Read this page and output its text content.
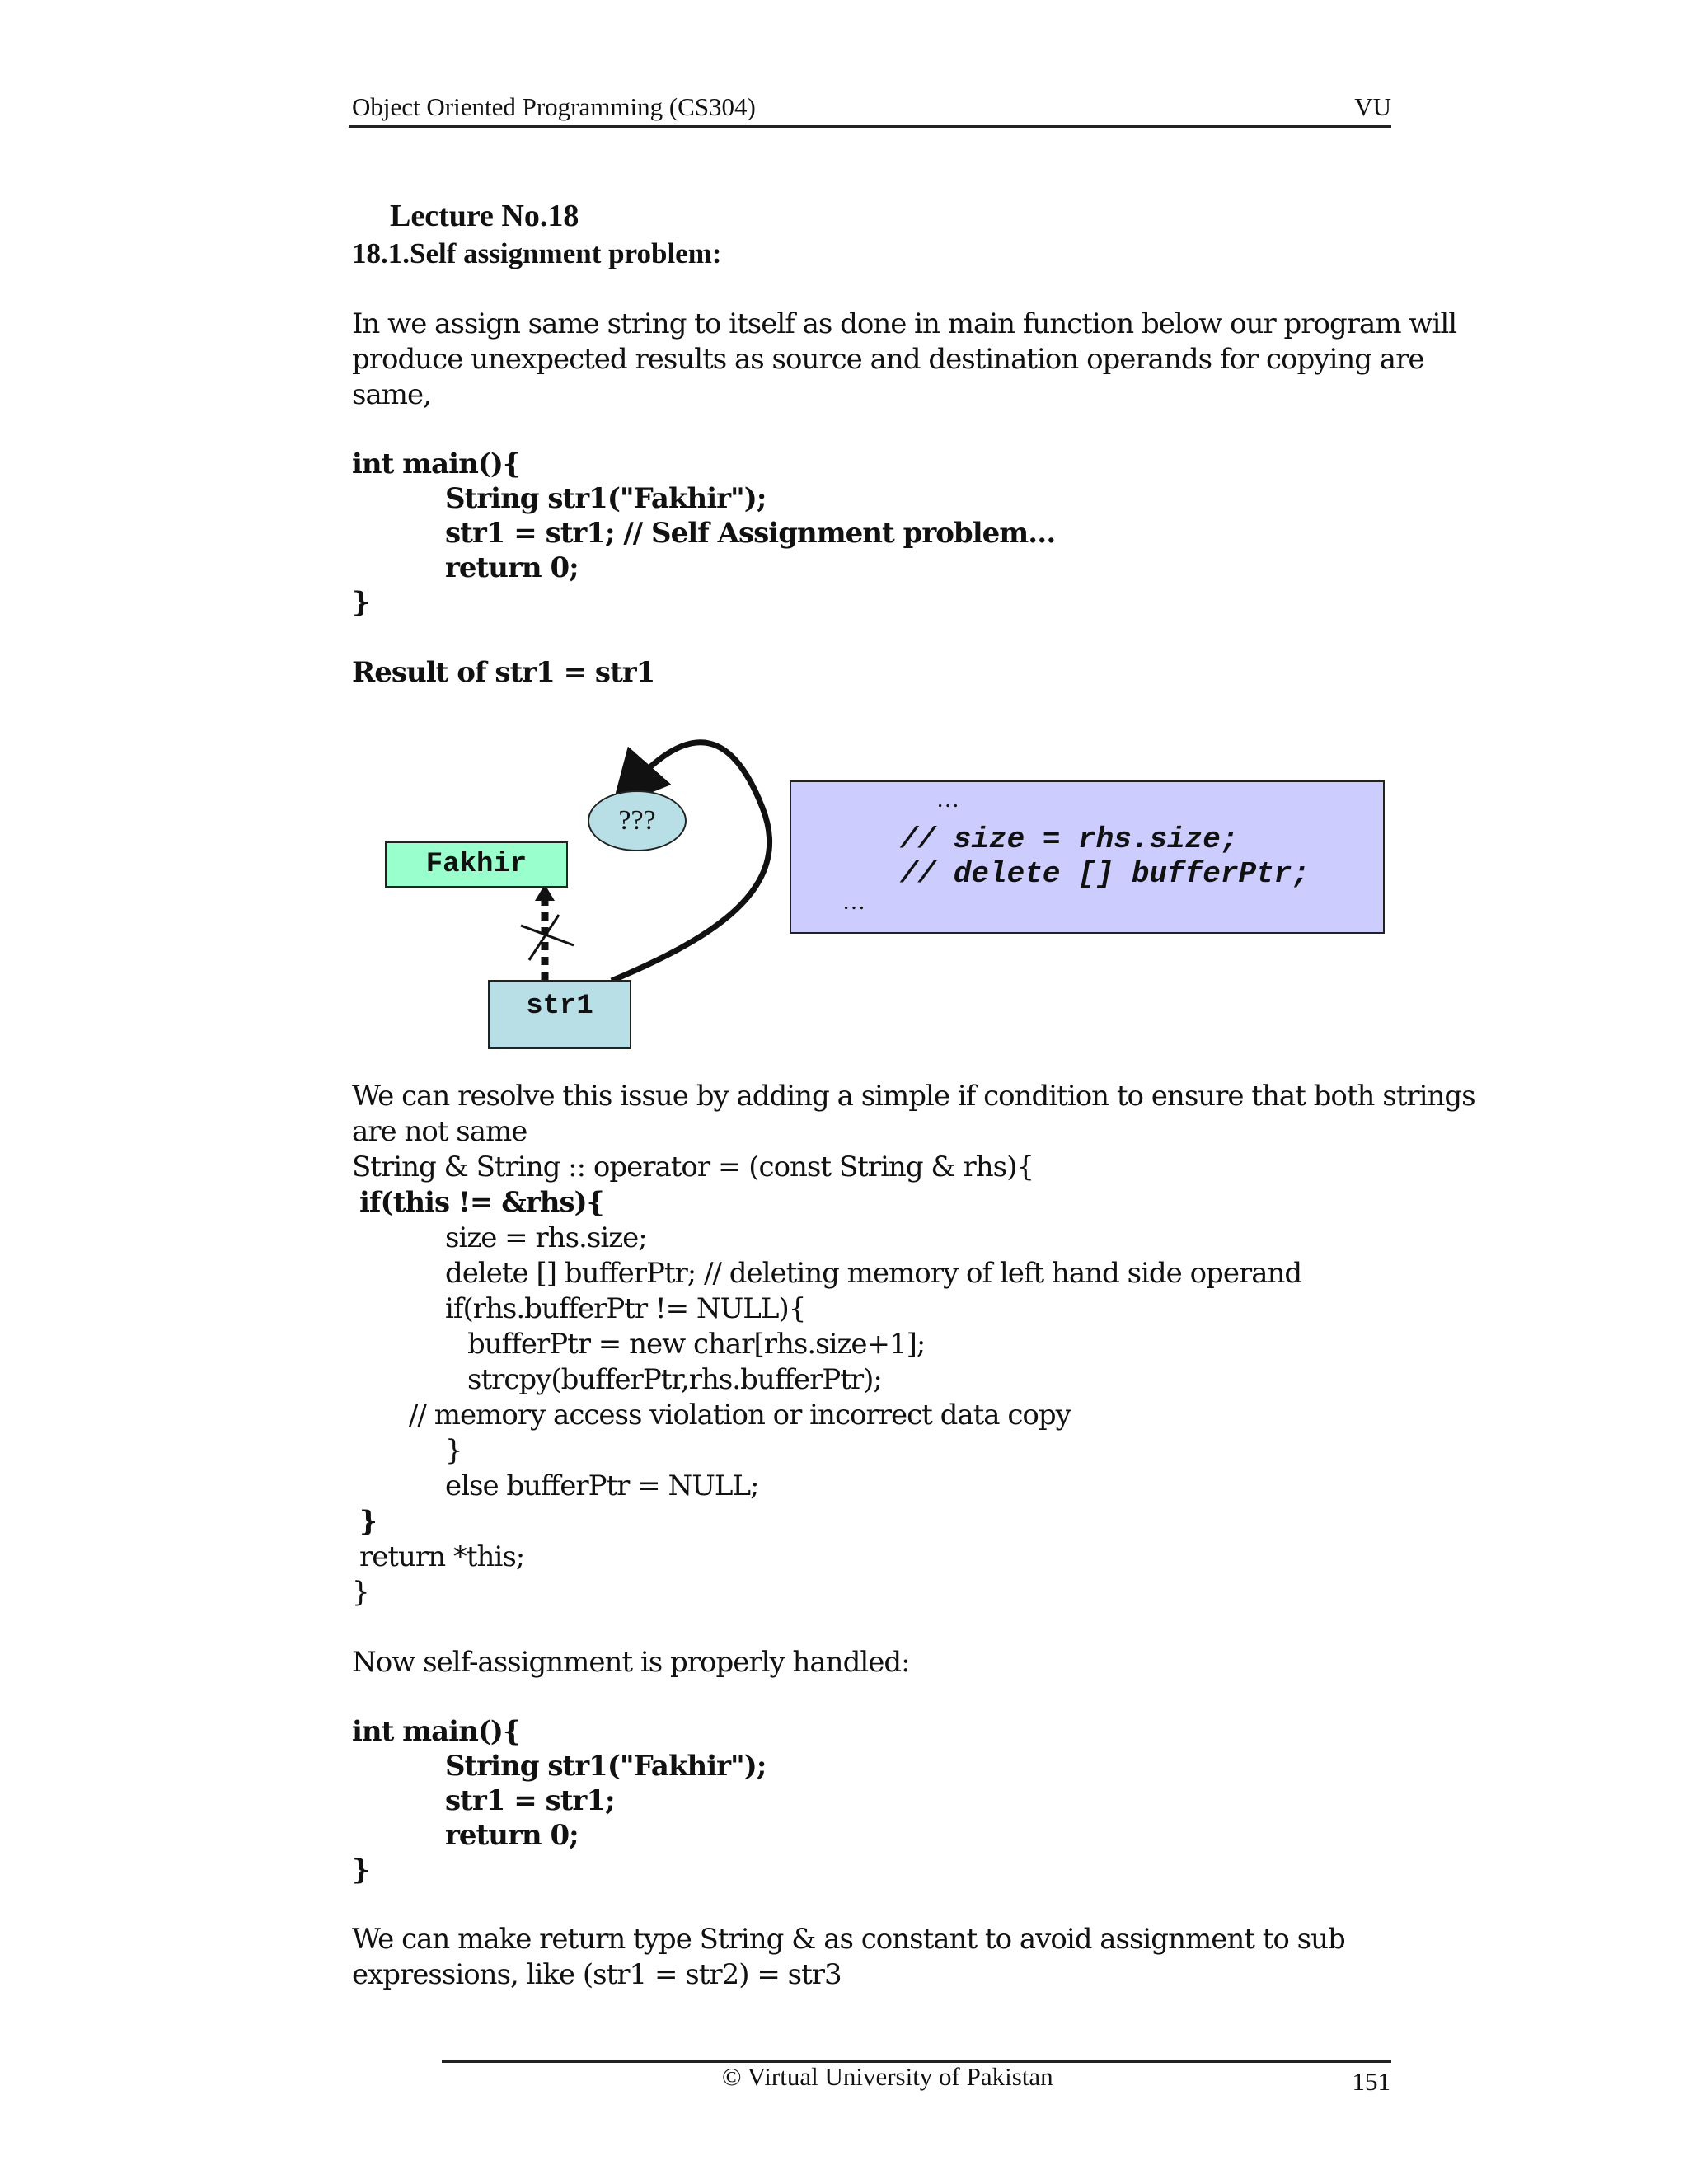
Object Oriented Programming (CS304)	VU
Lecture No.18
18.1.Self assignment problem:
In we assign same string to itself as done in main function below our program will
produce unexpected results as source and destination operands for copying are
same,
int main(){
String str1("Fakhir");
str1 = str1; // Self Assignment problem…
return 0;
}
Result of str1 = str1
???
Fakhir
str1
…
// size = rhs.size;
// delete [] bufferPtr;
…
We can resolve this issue by adding a simple if condition to ensure that both strings
are not same
String & String :: operator = (const String & rhs){
if(this != &rhs){
size = rhs.size;
delete [] bufferPtr; // deleting memory of left hand side operand
if(rhs.bufferPtr != NULL){
bufferPtr = new char[rhs.size+1];
strcpy(bufferPtr,rhs.bufferPtr);
// memory access violation or incorrect data copy
}
else bufferPtr = NULL;
}
return *this;
}
Now self-assignment is properly handled:
int main(){
String str1("Fakhir");
str1 = str1;
return 0;
}
We can make return type String & as constant to avoid assignment to sub
expressions, like (str1 = str2) = str3
© Virtual University of Pakistan	151
